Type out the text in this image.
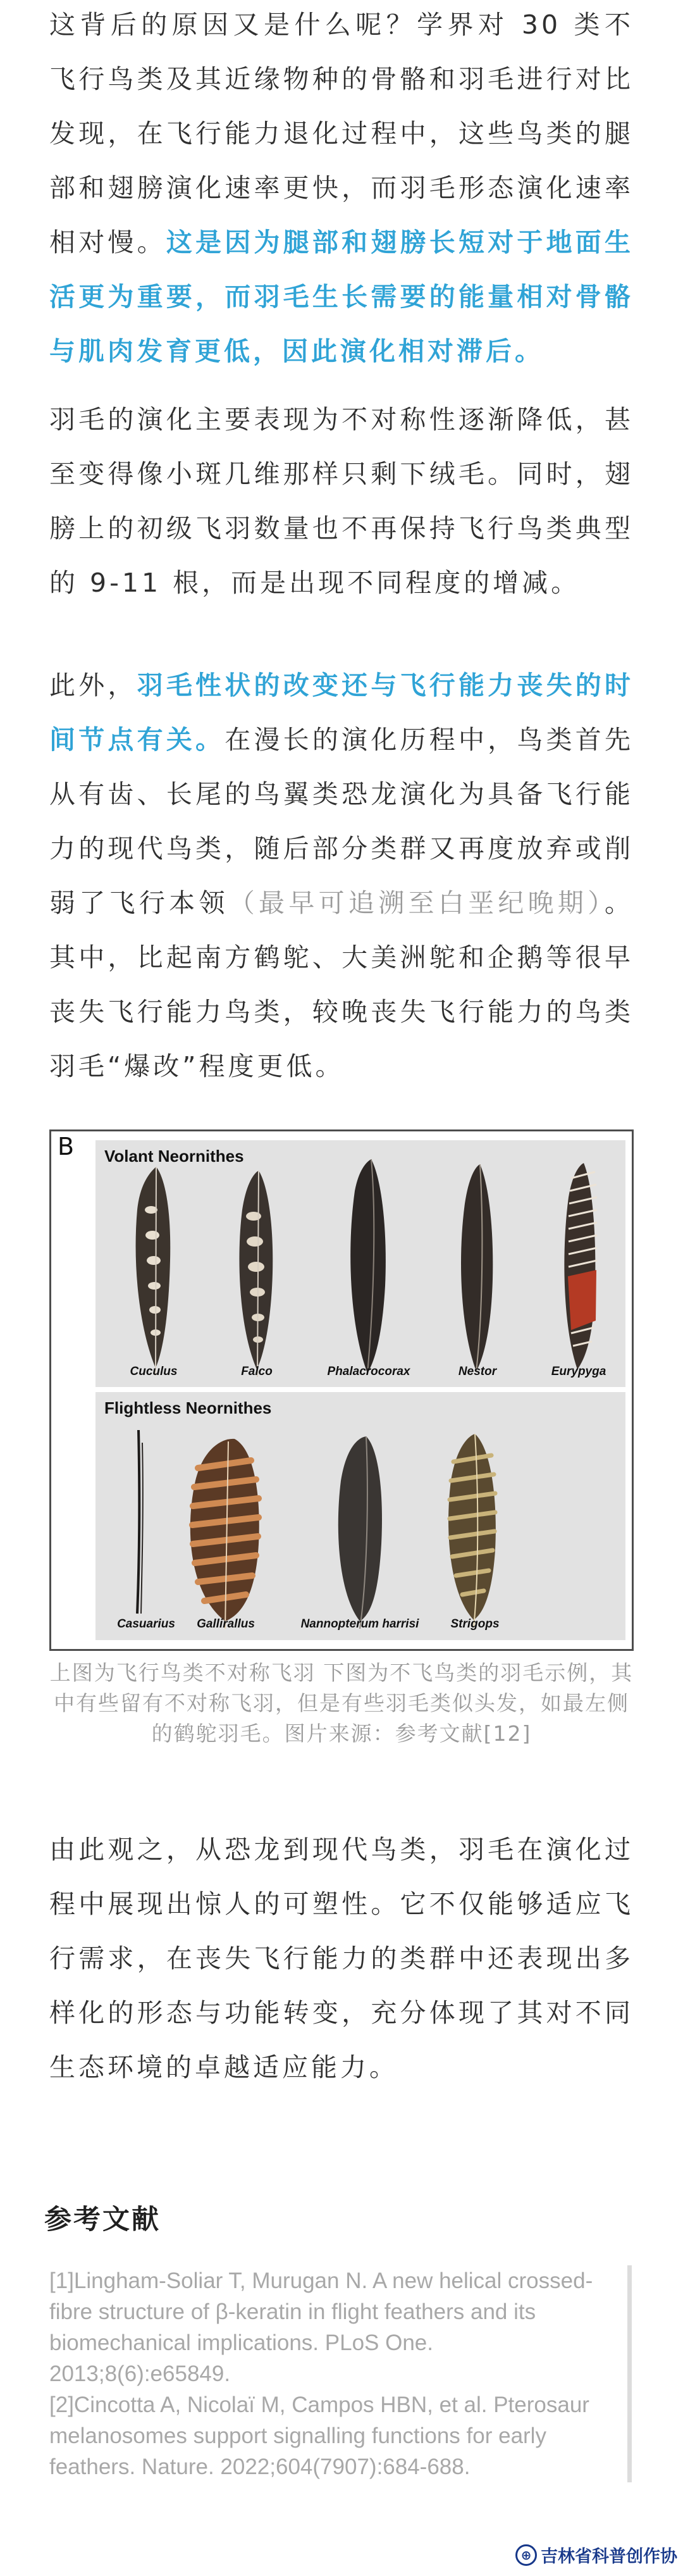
这背后的原因又是什么呢？学界对 30 类不飞行鸟类及其近缘物种的骨骼和羽毛进行对比发现，在飞行能力退化过程中，这些鸟类的腿部和翅膀演化速率更快，而羽毛形态演化速率相对慢。这是因为腿部和翅膀长短对于地面生活更为重要，而羽毛生长需要的能量相对骨骼与肌肉发育更低，因此演化相对滞后。

羽毛的演化主要表现为不对称性逐渐降低，甚至变得像小斑几维那样只剩下绒毛。同时，翅膀上的初级飞羽数量也不再保持飞行鸟类典型的 9-11 根，而是出现不同程度的增减。

此外，羽毛性状的改变还与飞行能力丧失的时间节点有关。在漫长的演化历程中，鸟类首先从有齿、长尾的鸟翼类恐龙演化为具备飞行能力的现代鸟类，随后部分类群又再度放弃或削弱了飞行本领（最早可追溯至白垩纪晚期）。其中，比起南方鹤鸵、大美洲鸵和企鹅等很早丧失飞行能力鸟类，较晚丧失飞行能力的鸟类羽毛“爆改”程度更低。

B Volant Neornithes
Cuculus	Falco	Phalacrocorax	Nestor	Eurypyga
Flightless Neornithes
Casuarius Gallirallus	Nannopterum harrisi	Strigops

上图为飞行鸟类不对称飞羽 下图为不飞鸟类的羽毛示例，其中有些留有不对称飞羽，但是有些羽毛类似头发，如最左侧的鹤鸵羽毛。图片来源：参考文献[12]

由此观之，从恐龙到现代鸟类，羽毛在演化过程中展现出惊人的可塑性。它不仅能够适应飞行需求，在丧失飞行能力的类群中还表现出多样化的形态与功能转变，充分体现了其对不同生态环境的卓越适应能力。

参考文献

[1]Lingham-Soliar T, Murugan N. A new helical crossed-fibre structure of β-keratin in flight feathers and its biomechanical implications. PLoS One. 2013;8(6):e65849.

[2]Cincotta A, Nicolaï M, Campos HBN, et al. Pterosaur melanosomes support signalling functions for early feathers. Nature. 2022;604(7907):684-688.

⊕ 吉林省科普创作协
